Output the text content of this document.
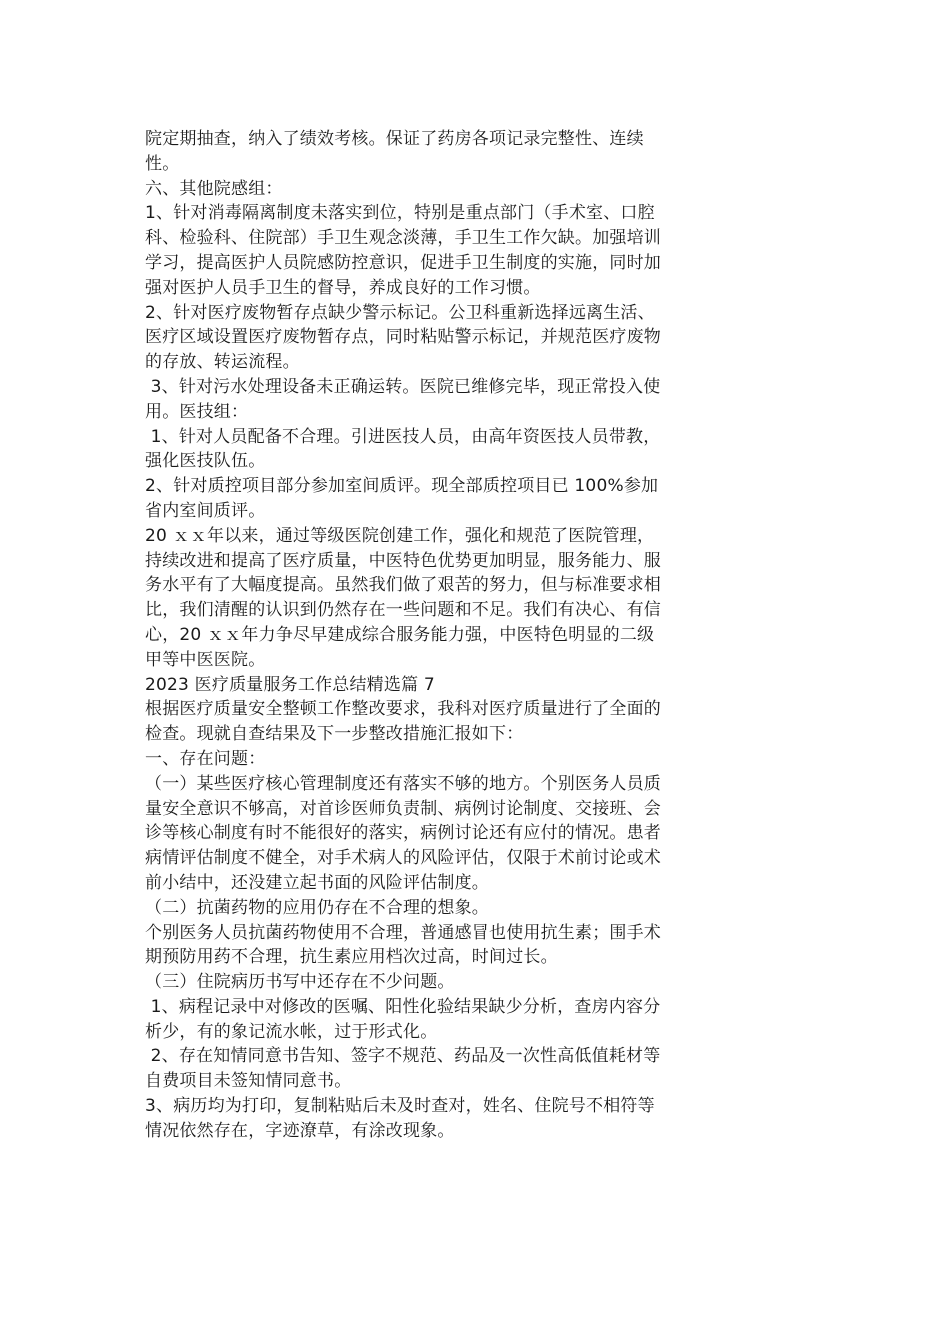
院定期抽查，纳入了绩效考核。保证了药房各项记录完整性、连续性。

六、其他院感组：

1、针对消毒隔离制度未落实到位，特别是重点部门（手术室、口腔科、检验科、住院部）手卫生观念淡薄，手卫生工作欠缺。加强培训学习，提高医护人员院感防控意识，促进手卫生制度的实施，同时加强对医护人员手卫生的督导，养成良好的工作习惯。

2、针对医疗废物暂存点缺少警示标记。公卫科重新选择远离生活、医疗区域设置医疗废物暂存点，同时粘贴警示标记，并规范医疗废物的存放、转运流程。

3、针对污水处理设备未正确运转。医院已维修完毕，现正常投入使用。医技组：

1、针对人员配备不合理。引进医技人员，由高年资医技人员带教，强化医技队伍。

2、针对质控项目部分参加室间质评。现全部质控项目已 100%参加省内室间质评。

20 ｘｘ年以来，通过等级医院创建工作，强化和规范了医院管理，持续改进和提高了医疗质量，中医特色优势更加明显，服务能力、服务水平有了大幅度提高。虽然我们做了艰苦的努力，但与标准要求相比，我们清醒的认识到仍然存在一些问题和不足。我们有决心、有信心，20 ｘｘ年力争尽早建成综合服务能力强，中医特色明显的二级甲等中医医院。

2023 医疗质量服务工作总结精选篇 7

根据医疗质量安全整顿工作整改要求，我科对医疗质量进行了全面的检查。现就自查结果及下一步整改措施汇报如下：

一、存在问题：

（一）某些医疗核心管理制度还有落实不够的地方。个别医务人员质量安全意识不够高，对首诊医师负责制、病例讨论制度、交接班、会诊等核心制度有时不能很好的落实，病例讨论还有应付的情况。患者病情评估制度不健全，对手术病人的风险评估，仅限于术前讨论或术前小结中，还没建立起书面的风险评估制度。

（二）抗菌药物的应用仍存在不合理的想象。

个别医务人员抗菌药物使用不合理，普通感冒也使用抗生素；围手术期预防用药不合理，抗生素应用档次过高，时间过长。

（三）住院病历书写中还存在不少问题。

1、病程记录中对修改的医嘱、阳性化验结果缺少分析，查房内容分析少，有的象记流水帐，过于形式化。

2、存在知情同意书告知、签字不规范、药品及一次性高低值耗材等自费项目未签知情同意书。

3、病历均为打印，复制粘贴后未及时查对，姓名、住院号不相符等情况依然存在，字迹潦草，有涂改现象。
